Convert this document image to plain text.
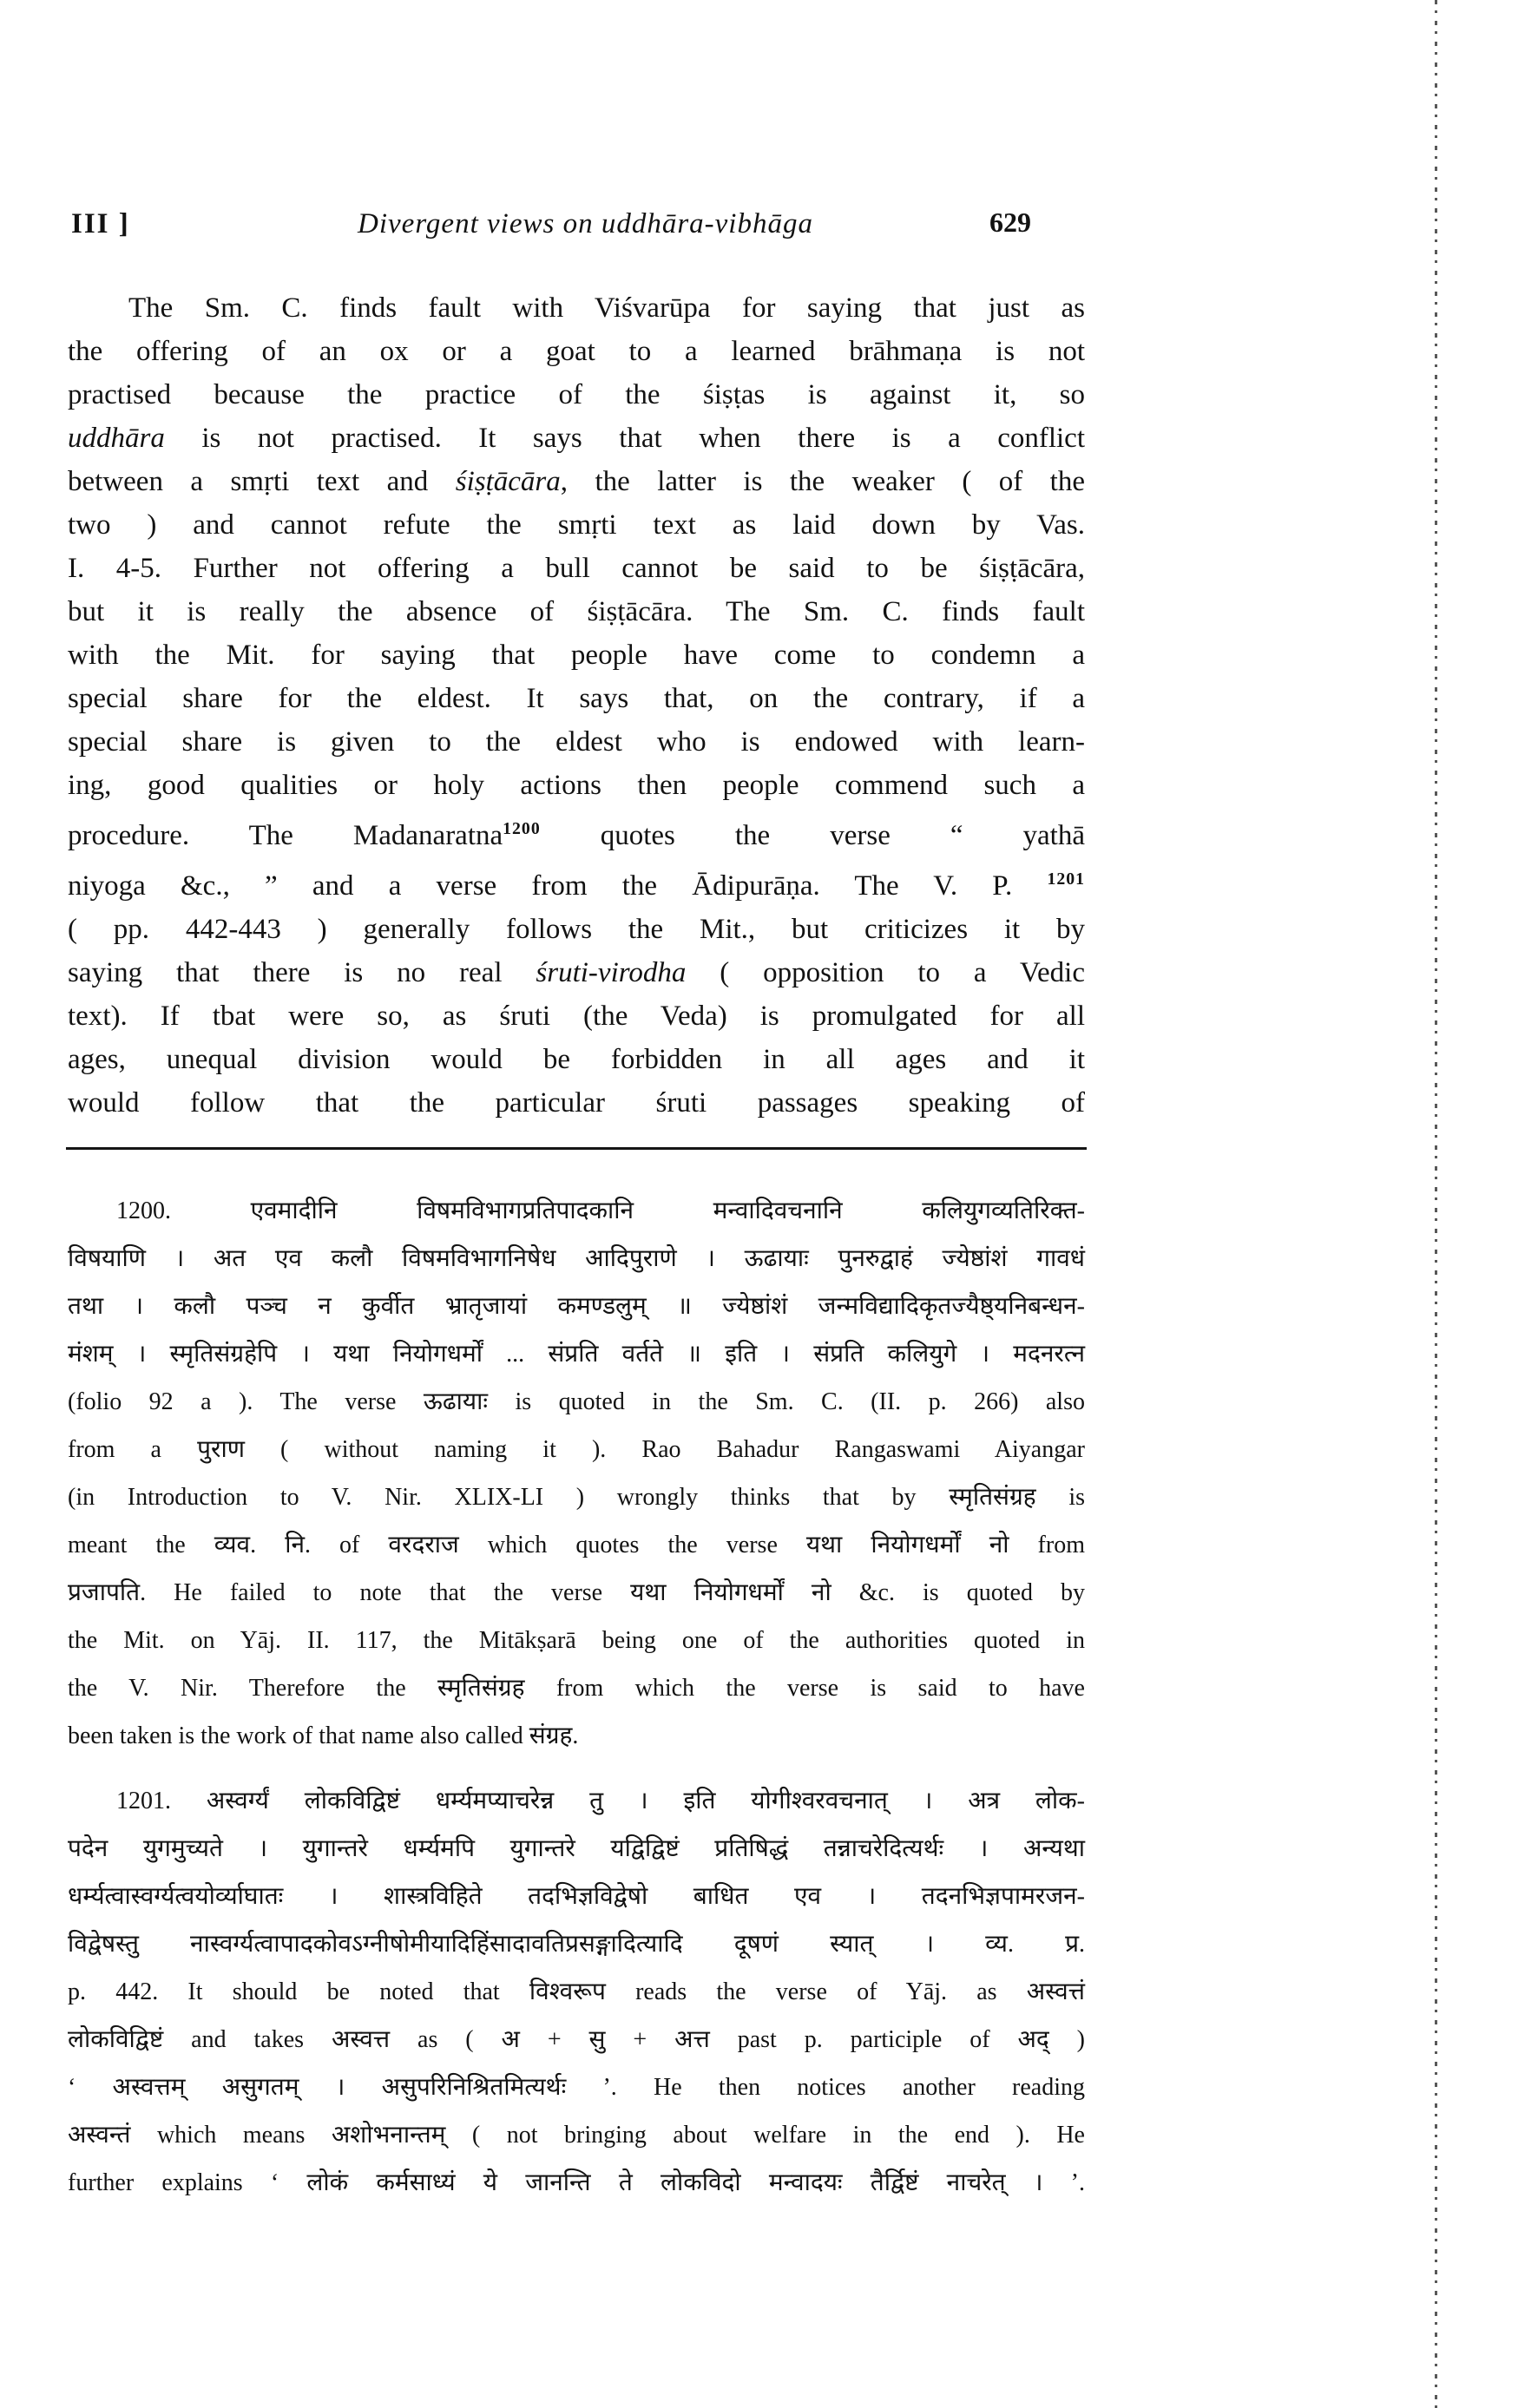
III ]	Divergent views on uddhāra-vibhāga	629
The Sm. C. finds fault with Viśvarūpa for saying that just as
the offering of an ox or a goat to a learned brāhmaṇa is not
practised because the practice of the śiṣṭas is against it, so
uddhāra is not practised. It says that when there is a conflict
between a smṛti text and śiṣṭācāra, the latter is the weaker ( of the
two ) and cannot refute the smṛti text as laid down by Vas.
I. 4-5. Further not offering a bull cannot be said to be śiṣṭācāra,
but it is really the absence of śiṣṭācāra. The Sm. C. finds fault
with the Mit. for saying that people have come to condemn a
special share for the eldest. It says that, on the contrary, if a
special share is given to the eldest who is endowed with learn-
ing, good qualities or holy actions then people commend such a
procedure. The Madanaratna$^{1200}$ quotes the verse “ yathā
niyoga &c., ” and a verse from the Ādipurāṇa. The V. P. $^{1201}$
( pp. 442-443 ) generally follows the Mit., but criticizes it by
saying that there is no real śruti-virodha ( opposition to a Vedic
text). If tbat were so, as śruti (the Veda) is promulgated for all
ages, unequal division would be forbidden in all ages and it
would follow that the particular śruti passages speaking of
1200. एवमादीनि विषमविभागप्रतिपादकानि मन्वादिवचनानि कलियुगव्यतिरिक्त-
विषयाणि । अत एव कलौ विषमविभागनिषेध आदिपुराणे । ऊढायाः पुनरुद्वाहं ज्येष्ठांशं गावधं
तथा । कलौ पञ्च न कुर्वीत भ्रातृजायां कमण्डलुम् ॥ ज्येष्ठांशं जन्मविद्यादिकृतज्यैष्ठ्यनिबन्धन-
मंशम् । स्मृतिसंग्रहेपि । यथा नियोगधर्मों ... संप्रति वर्तते ॥ इति । संप्रति कलियुगे । मदनरत्न
(folio 92 a ). The verse ऊढायाः is quoted in the Sm. C. (II. p. 266) also
from a पुराण ( without naming it ). Rao Bahadur Rangaswami Aiyangar
(in Introduction to V. Nir. XLIX-LI ) wrongly thinks that by स्मृतिसंग्रह is
meant the व्यव. नि. of वरदराज which quotes the verse यथा नियोगधर्मों नो from
प्रजापति. He failed to note that the verse यथा नियोगधर्मों नो &c. is quoted by
the Mit. on Yāj. II. 117, the Mitākṣarā being one of the authorities quoted in
the V. Nir. Therefore the स्मृतिसंग्रह from which the verse is said to have
been taken is the work of that name also called संग्रह.
1201. अस्वर्ग्यं लोकविद्विष्टं धर्म्यमप्याचरेन्न तु । इति योगीश्वरवचनात् । अत्र लोक-
पदेन युगमुच्यते । युगान्तरे धर्म्यमपि युगान्तरे यद्विद्विष्टं प्रतिषिद्धं तन्नाचरेदित्यर्थः । अन्यथा
धर्म्यत्वास्वर्ग्यत्वयोर्व्याघातः । शास्त्रविहिते तदभिज्ञविद्वेषो बाधित एव । तदनभिज्ञपामरजन-
विद्वेषस्तु नास्वर्ग्यत्वापादकोवऽग्नीषोमीयादिहिंसादावतिप्रसङ्गादित्यादि दूषणं स्यात् । व्य. प्र.
p. 442. It should be noted that विश्वरूप reads the verse of Yāj. as अस्वत्तं
लोकविद्विष्टं and takes अस्वत्त as ( अ + सु + अत्त past p. participle of अद् )
‘ अस्वत्तम् असुगतम् । असुपरिनिश्रितमित्यर्थः ’. He then notices another reading
अस्वन्तं which means अशोभनान्तम् ( not bringing about welfare in the end ). He
further explains ‘ लोकं कर्मसाध्यं ये जानन्ति ते लोकविदो मन्वादयः तैर्द्विष्टं नाचरेत् । ’.
